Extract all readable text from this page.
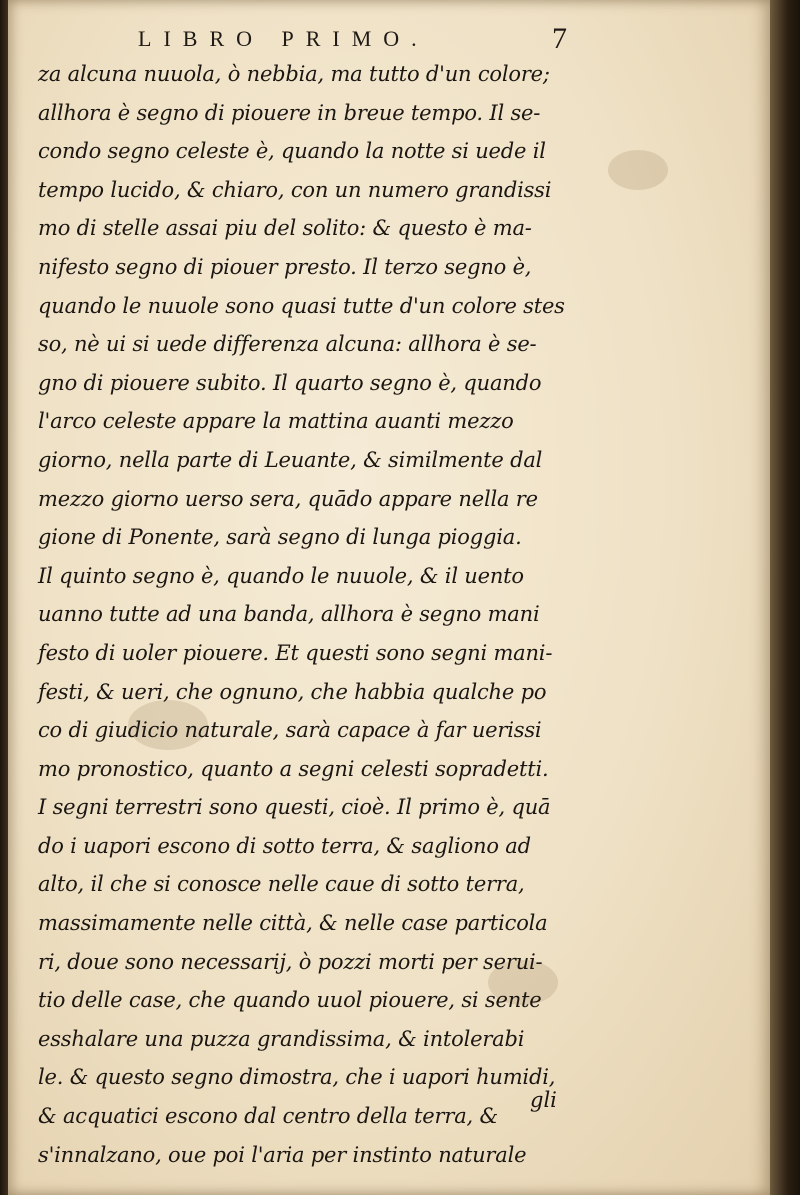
LIBRO PRIMO.	7
za alcuna nuuola, ò nebbia, ma tutto d'un colore;
allhora è segno di piouere in breue tempo. Il se-
condo segno celeste è, quando la notte si uede il
tempo lucido, & chiaro, con un numero grandissi
mo di stelle assai piu del solito: & questo è ma-
nifesto segno di piouer presto. Il terzo segno è,
quando le nuuole sono quasi tutte d'un colore stes
so, nè ui si uede differenza alcuna: allhora è se-
gno di piouere subito. Il quarto segno è, quando
l'arco celeste appare la mattina auanti mezzo
giorno, nella parte di Leuante, & similmente dal
mezzo giorno uerso sera, quādo appare nella re
gione di Ponente, sarà segno di lunga pioggia.
Il quinto segno è, quando le nuuole, & il uento
uanno tutte ad una banda, allhora è segno mani
festo di uoler piouere. Et questi sono segni mani-
festi, & ueri, che ognuno, che habbia qualche po
co di giudicio naturale, sarà capace à far uerissi
mo pronostico, quanto a segni celesti sopradetti.
I segni terrestri sono questi, cioè. Il primo è, quā
do i uapori escono di sotto terra, & sagliono ad
alto, il che si conosce nelle caue di sotto terra,
massimamente nelle città, & nelle case particola
ri, doue sono necessarij, ò pozzi morti per serui-
tio delle case, che quando uuol piouere, si sente
esshalare una puzza grandissima, & intolerabi
le. & questo segno dimostra, che i uapori humidi,
& acquatici escono dal centro della terra, &
s'innalzano, oue poi l'aria per instinto naturale
gli
